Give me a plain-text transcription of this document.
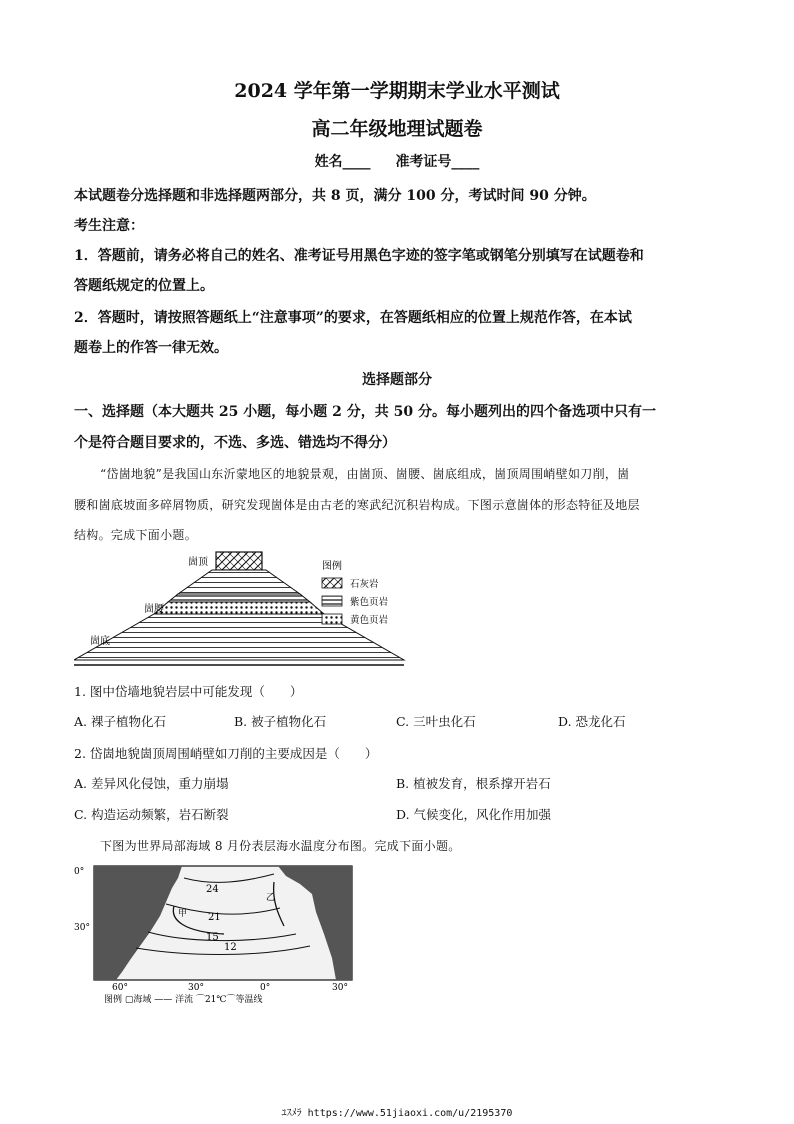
2024 学年第一学期期末学业水平测试
高二年级地理试题卷
姓名____ 准考证号____
本试题卷分选择题和非选择题两部分，共 8 页，满分 100 分，考试时间 90 分钟。
考生注意：
1．答题前，请务必将自己的姓名、准考证号用黑色字迹的签字笔或钢笔分别填写在试题卷和
答题纸规定的位置上。
2．答题时，请按照答题纸上“注意事项”的要求，在答题纸相应的位置上规范作答，在本试
题卷上的作答一律无效。
选择题部分
一、选择题（本大题共 25 小题，每小题 2 分，共 50 分。每小题列出的四个备选项中只有一
个是符合题目要求的，不选、多选、错选均不得分）
“岱崮地貌”是我国山东沂蒙地区的地貌景观，由崮顶、崮腰、崮底组成，崮顶周围峭壁如刀削，崮
腰和崮底坡面多碎屑物质，研究发现崮体是由古老的寒武纪沉积岩构成。下图示意崮体的形态特征及地层
结构。完成下面小题。
崮顶
崮腰
崮底
图例
石灰岩
紫色页岩
黄色页岩
1. 图中岱墙地貌岩层中可能发现（　　）
A. 裸子植物化石	B. 被子植物化石	C. 三叶虫化石	D. 恐龙化石
2. 岱崮地貌崮顶周围峭壁如刀削的主要成因是（　　）
A. 差异风化侵蚀，重力崩塌	B. 植被发育，根系撑开岩石
C. 构造运动频繁，岩石断裂	D. 气候变化，风化作用加强
下图为世界局部海域 8 月份表层海水温度分布图。完成下面小题。
24
21
15
12
甲
乙
0°
30°
60°	30°	0°	30°
图例 ▢海域 —— 洋流 ⌒21℃⌒等温线
ﾕｽﾒﾗ https://www.51jiaoxi.com/u/2195370
